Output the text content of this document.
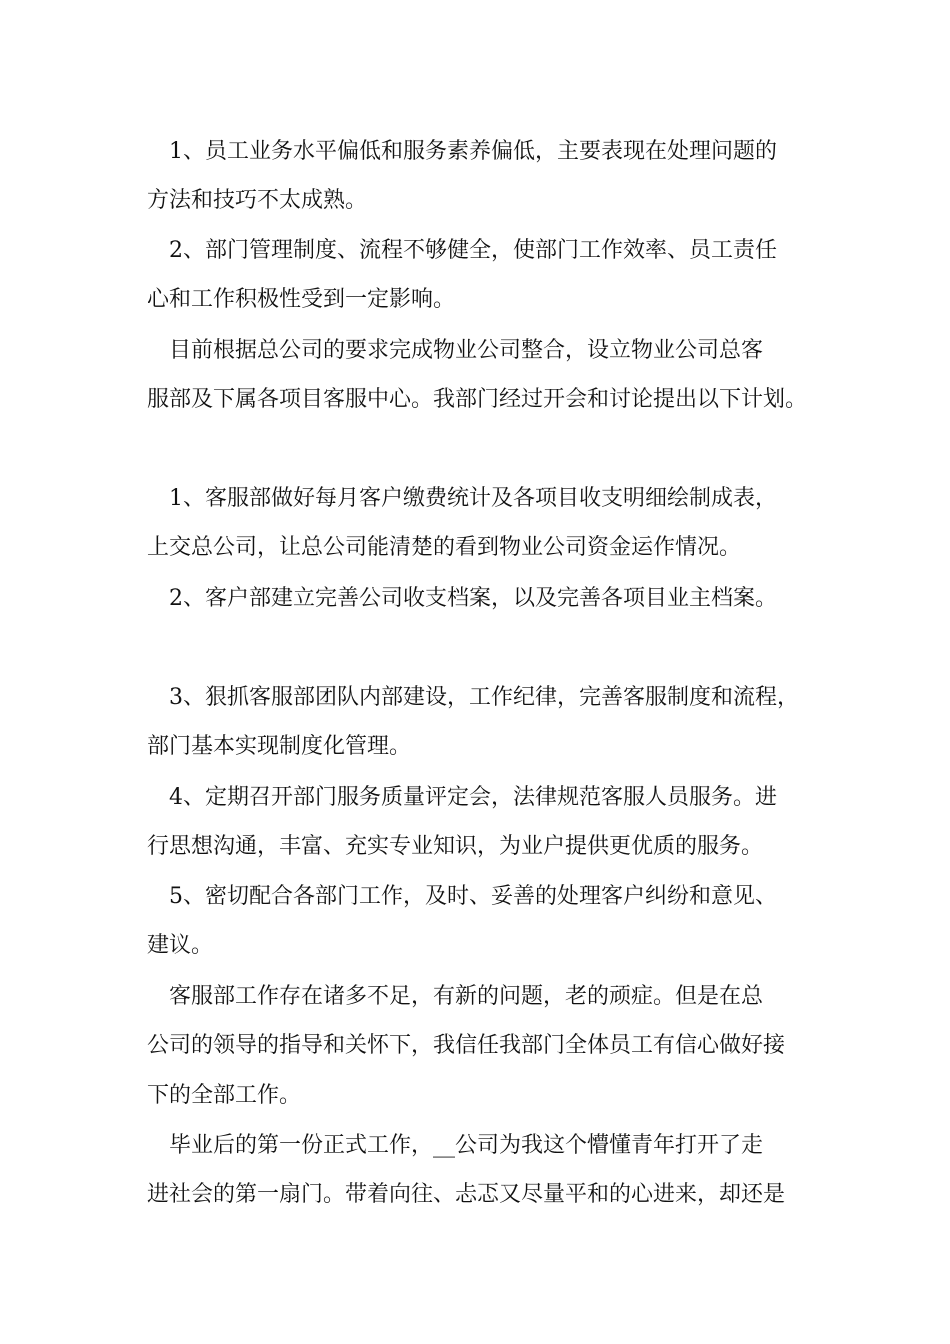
　1、员工业务水平偏低和服务素养偏低，主要表现在处理问题的

方法和技巧不太成熟。

　2、部门管理制度、流程不够健全，使部门工作效率、员工责任

心和工作积极性受到一定影响。

　目前根据总公司的要求完成物业公司整合，设立物业公司总客

服部及下属各项目客服中心。我部门经过开会和讨论提出以下计划。

　1、客服部做好每月客户缴费统计及各项目收支明细绘制成表，

上交总公司，让总公司能清楚的看到物业公司资金运作情况。

　2、客户部建立完善公司收支档案，以及完善各项目业主档案。

　3、狠抓客服部团队内部建设，工作纪律，完善客服制度和流程，

部门基本实现制度化管理。

　4、定期召开部门服务质量评定会，法律规范客服人员服务。进

行思想沟通，丰富、充实专业知识，为业户提供更优质的服务。

　5、密切配合各部门工作，及时、妥善的处理客户纠纷和意见、

建议。

　客服部工作存在诸多不足，有新的问题，老的顽症。但是在总

公司的领导的指导和关怀下，我信任我部门全体员工有信心做好接

下的全部工作。

　毕业后的第一份正式工作，__公司为我这个懵懂青年打开了走

进社会的第一扇门。带着向往、忐忑又尽量平和的心进来，却还是
